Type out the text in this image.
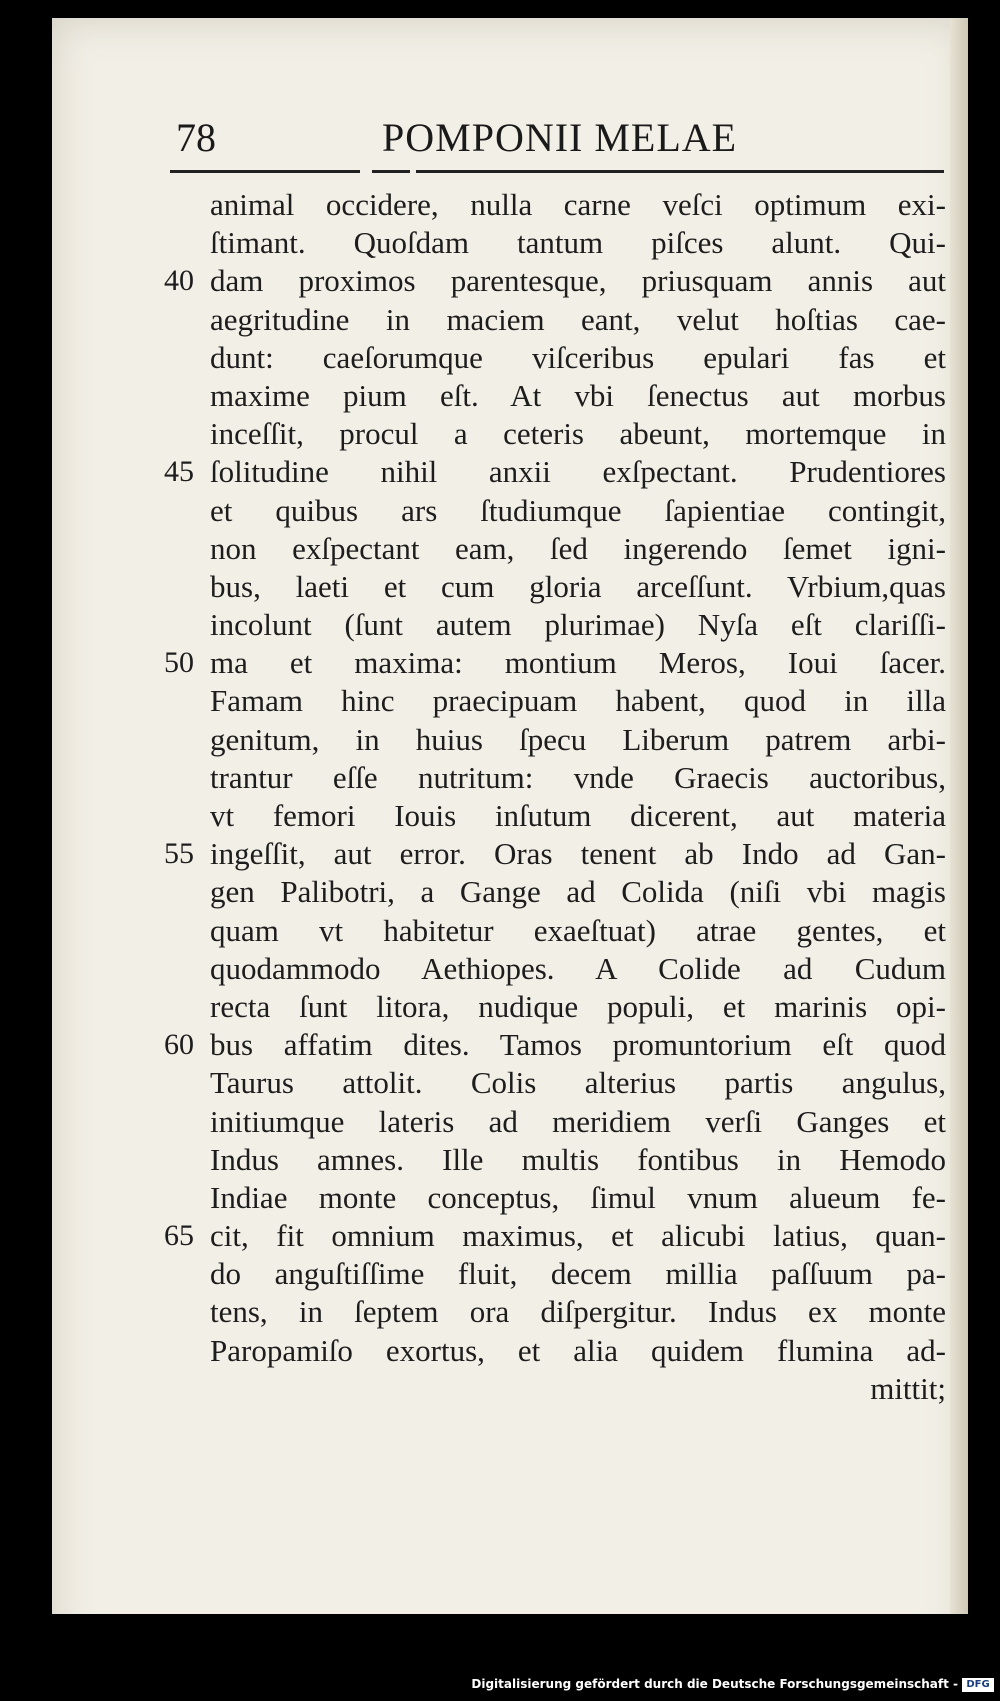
78	POMPONII MELAE
animal occidere, nulla carne veſci optimum exi-
ſtimant. Quoſdam tantum piſces alunt. Qui-
40 dam proximos parentesque, priusquam annis aut
aegritudine in maciem eant, velut hoſtias cae-
dunt: caeſorumque viſceribus epulari fas et
maxime pium eſt. At vbi ſenectus aut morbus
inceſſit, procul a ceteris abeunt, mortemque in
45 ſolitudine nihil anxii exſpectant. Prudentiores
et quibus ars ſtudiumque ſapientiae contingit,
non exſpectant eam, ſed ingerendo ſemet igni-
bus, laeti et cum gloria arceſſunt. Vrbium,quas
incolunt (ſunt autem plurimae) Nyſa eſt clariſſi-
50 ma et maxima: montium Meros, Ioui ſacer.
Famam hinc praecipuam habent, quod in illa
genitum, in huius ſpecu Liberum patrem arbi-
trantur eſſe nutritum: vnde Graecis auctoribus,
vt femori Iouis inſutum dicerent, aut materia
55 ingeſſit, aut error. Oras tenent ab Indo ad Gan-
gen Palibotri, a Gange ad Colida (niſi vbi magis
quam vt habitetur exaeſtuat) atrae gentes, et
quodammodo Aethiopes. A Colide ad Cudum
recta ſunt litora, nudique populi, et marinis opi-
60 bus affatim dites. Tamos promuntorium eſt quod
Taurus attolit. Colis alterius partis angulus,
initiumque lateris ad meridiem verſi Ganges et
Indus amnes. Ille multis fontibus in Hemodo
Indiae monte conceptus, ſimul vnum alueum fe-
65 cit, fit omnium maximus, et alicubi latius, quan-
do anguſtiſſime fluit, decem millia paſſuum pa-
tens, in ſeptem ora diſpergitur. Indus ex monte
Paropamiſo exortus, et alia quidem flumina ad-
mittit;
Digitalisierung gefördert durch die Deutsche Forschungsgemeinschaft - DFG
